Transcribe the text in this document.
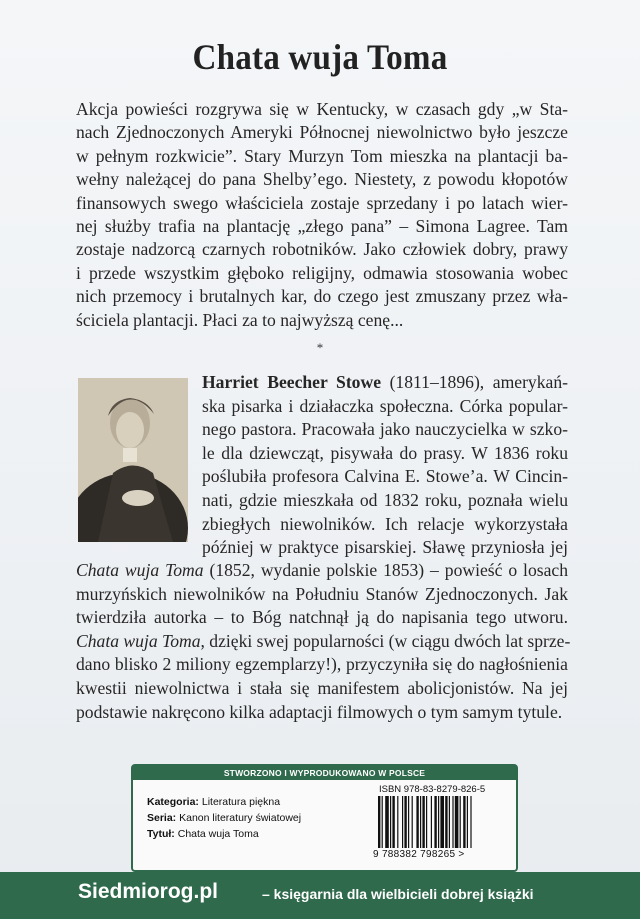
Chata wuja Toma
Akcja powieści rozgrywa się w Kentucky, w czasach gdy „w Sta-
nach Zjednoczonych Ameryki Północnej niewolnictwo było jeszcze
w pełnym rozkwicie”. Stary Murzyn Tom mieszka na plantacji ba-
wełny należącej do pana Shelby’ego. Niestety, z powodu kłopotów
finansowych swego właściciela zostaje sprzedany i po latach wier-
nej służby trafia na plantację „złego pana” – Simona Lagree. Tam
zostaje nadzorcą czarnych robotników. Jako człowiek dobry, prawy
i przede wszystkim głęboko religijny, odmawia stosowania wobec
nich przemocy i brutalnych kar, do czego jest zmuszany przez wła-
ściciela plantacji. Płaci za to najwyższą cenę...
*
Harriet Beecher Stowe (1811–1896), amerykań-
ska pisarka i działaczka społeczna. Córka popular-
nego pastora. Pracowała jako nauczycielka w szko-
le dla dziewcząt, pisywała do prasy. W 1836 roku
poślubiła profesora Calvina E. Stowe’a. W Cincin-
nati, gdzie mieszkała od 1832 roku, poznała wielu
zbiegłych niewolników. Ich relacje wykorzystała
później w praktyce pisarskiej. Sławę przyniosła jej
Chata wuja Toma (1852, wydanie polskie 1853) – powieść o losach
murzyńskich niewolników na Południu Stanów Zjednoczonych. Jak
twierdziła autorka – to Bóg natchnął ją do napisania tego utworu.
Chata wuja Toma, dzięki swej popularności (w ciągu dwóch lat sprze-
dano blisko 2 miliony egzemplarzy!), przyczyniła się do nagłośnienia
kwestii niewolnictwa i stała się manifestem abolicjonistów. Na jej
podstawie nakręcono kilka adaptacji filmowych o tym samym tytule.
STWORZONO I WYPRODUKOWANO W POLSCE
Kategoria: Literatura piękna
Seria: Kanon literatury światowej
Tytuł: Chata wuja Toma
ISBN 978-83-8279-826-5
9 788382 798265 >
Siedmiorog.pl	– księgarnia dla wielbicieli dobrej książki
